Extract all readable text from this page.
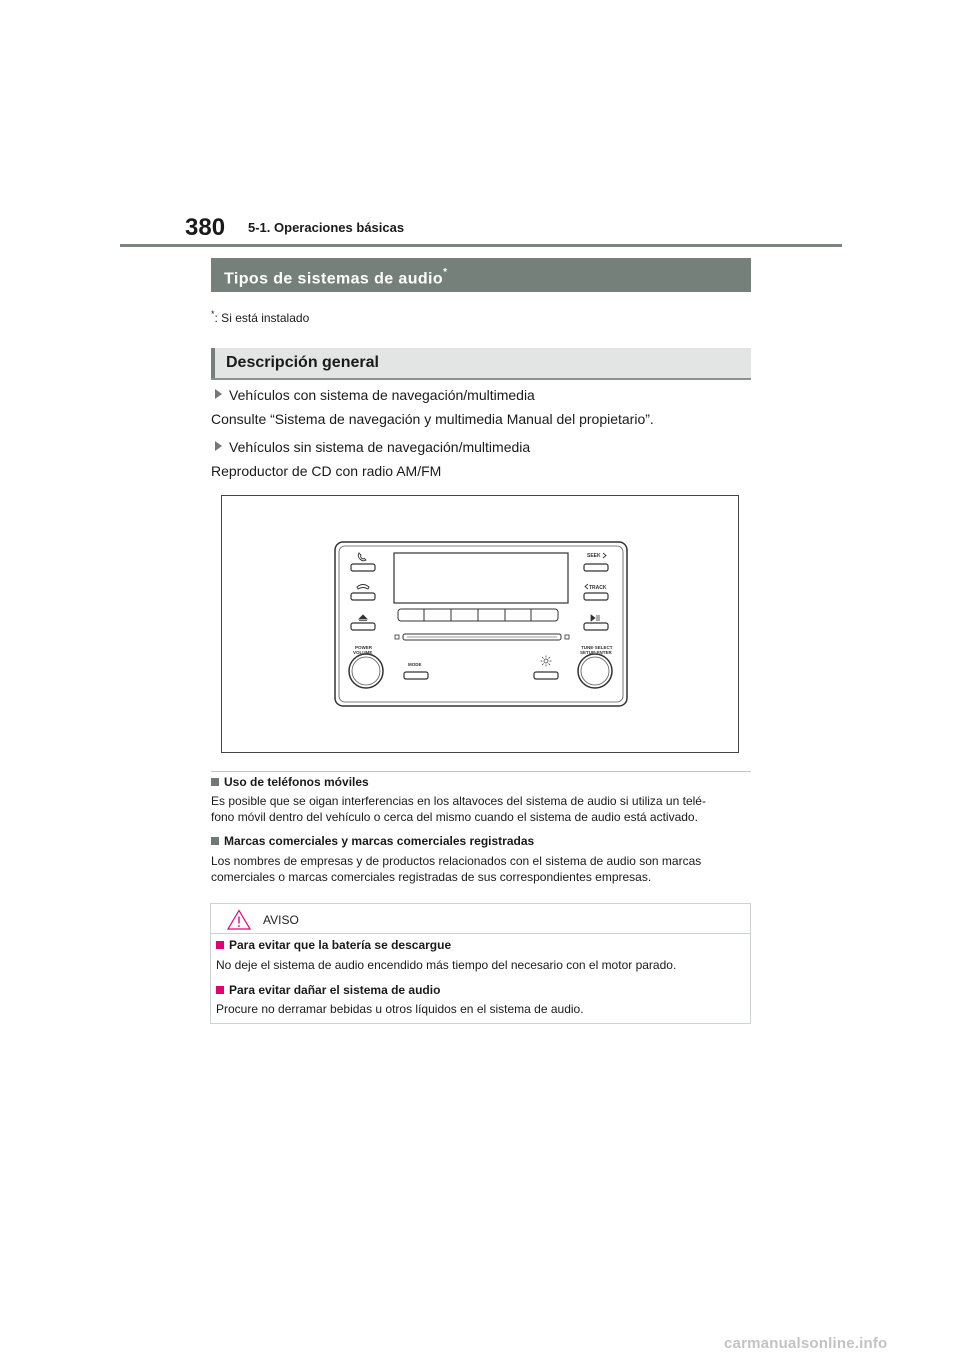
380 5-1. Operaciones básicas
Tipos de sistemas de audio*
*: Si está instalado
Descripción general
Vehículos con sistema de navegación/multimedia
Consulte “Sistema de navegación y multimedia Manual del propietario”.
Vehículos sin sistema de navegación/multimedia
Reproductor de CD con radio AM/FM
POWER
VOLUME
SEEK
TRACK
TUNE·SELECT
SETUP·ENTER
MODE
Uso de teléfonos móviles
Es posible que se oigan interferencias en los altavoces del sistema de audio si utiliza un telé-
fono móvil dentro del vehículo o cerca del mismo cuando el sistema de audio está activado.
Marcas comerciales y marcas comerciales registradas
Los nombres de empresas y de productos relacionados con el sistema de audio son marcas
comerciales o marcas comerciales registradas de sus correspondientes empresas.
AVISO
Para evitar que la batería se descargue
No deje el sistema de audio encendido más tiempo del necesario con el motor parado.
Para evitar dañar el sistema de audio
Procure no derramar bebidas u otros líquidos en el sistema de audio.
carmanualsonline.info
